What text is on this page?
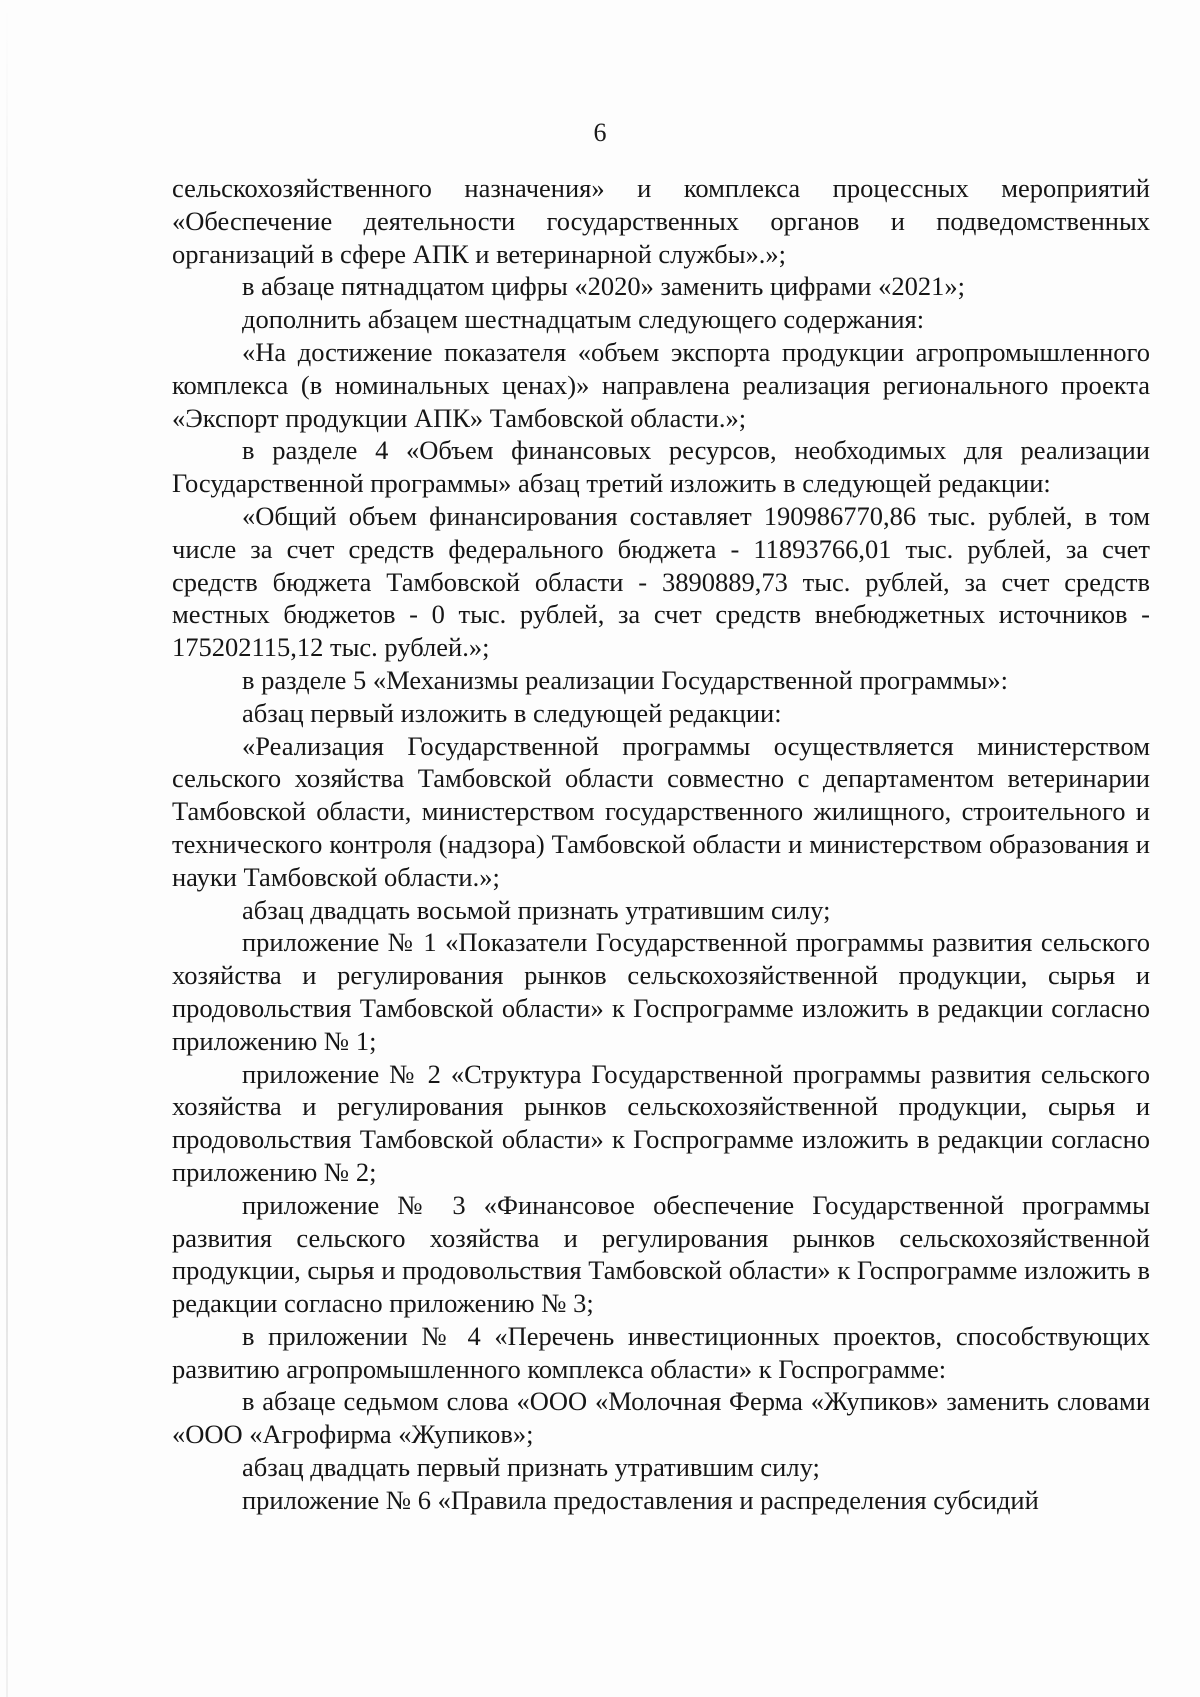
6

сельскохозяйственного назначения» и комплекса процессных мероприятий «Обеспечение деятельности государственных органов и подведомственных организаций в сфере АПК и ветеринарной службы».»;

в абзаце пятнадцатом цифры «2020» заменить цифрами «2021»;

дополнить абзацем шестнадцатым следующего содержания:

«На достижение показателя «объем экспорта продукции агропромышленного комплекса (в номинальных ценах)» направлена реализация регионального проекта «Экспорт продукции АПК» Тамбовской области.»;

в разделе 4 «Объем финансовых ресурсов, необходимых для реализации Государственной программы» абзац третий изложить в следующей редакции:

«Общий объем финансирования составляет 190986770,86 тыс. рублей, в том числе за счет средств федерального бюджета - 11893766,01 тыс. рублей, за счет средств бюджета Тамбовской области - 3890889,73 тыс. рублей, за счет средств местных бюджетов - 0 тыс. рублей, за счет средств внебюджетных источников - 175202115,12 тыс. рублей.»;

в разделе 5 «Механизмы реализации Государственной программы»:

абзац первый изложить в следующей редакции:

«Реализация Государственной программы осуществляется министерством сельского хозяйства Тамбовской области совместно с департаментом ветеринарии Тамбовской области, министерством государственного жилищного, строительного и технического контроля (надзора) Тамбовской области и министерством образования и науки Тамбовской области.»;

абзац двадцать восьмой признать утратившим силу;

приложение № 1 «Показатели Государственной программы развития сельского хозяйства и регулирования рынков сельскохозяйственной продукции, сырья и продовольствия Тамбовской области» к Госпрограмме изложить в редакции согласно приложению № 1;

приложение № 2 «Структура Государственной программы развития сельского хозяйства и регулирования рынков сельскохозяйственной продукции, сырья и продовольствия Тамбовской области» к Госпрограмме изложить в редакции согласно приложению № 2;

приложение № 3 «Финансовое обеспечение Государственной программы развития сельского хозяйства и регулирования рынков сельскохозяйственной продукции, сырья и продовольствия Тамбовской области» к Госпрограмме изложить в редакции согласно приложению № 3;

в приложении № 4 «Перечень инвестиционных проектов, способствующих развитию агропромышленного комплекса области» к Госпрограмме:

в абзаце седьмом слова «ООО «Молочная Ферма «Жупиков» заменить словами «ООО «Агрофирма «Жупиков»;

абзац двадцать первый признать утратившим силу;

приложение № 6 «Правила предоставления и распределения субсидий
